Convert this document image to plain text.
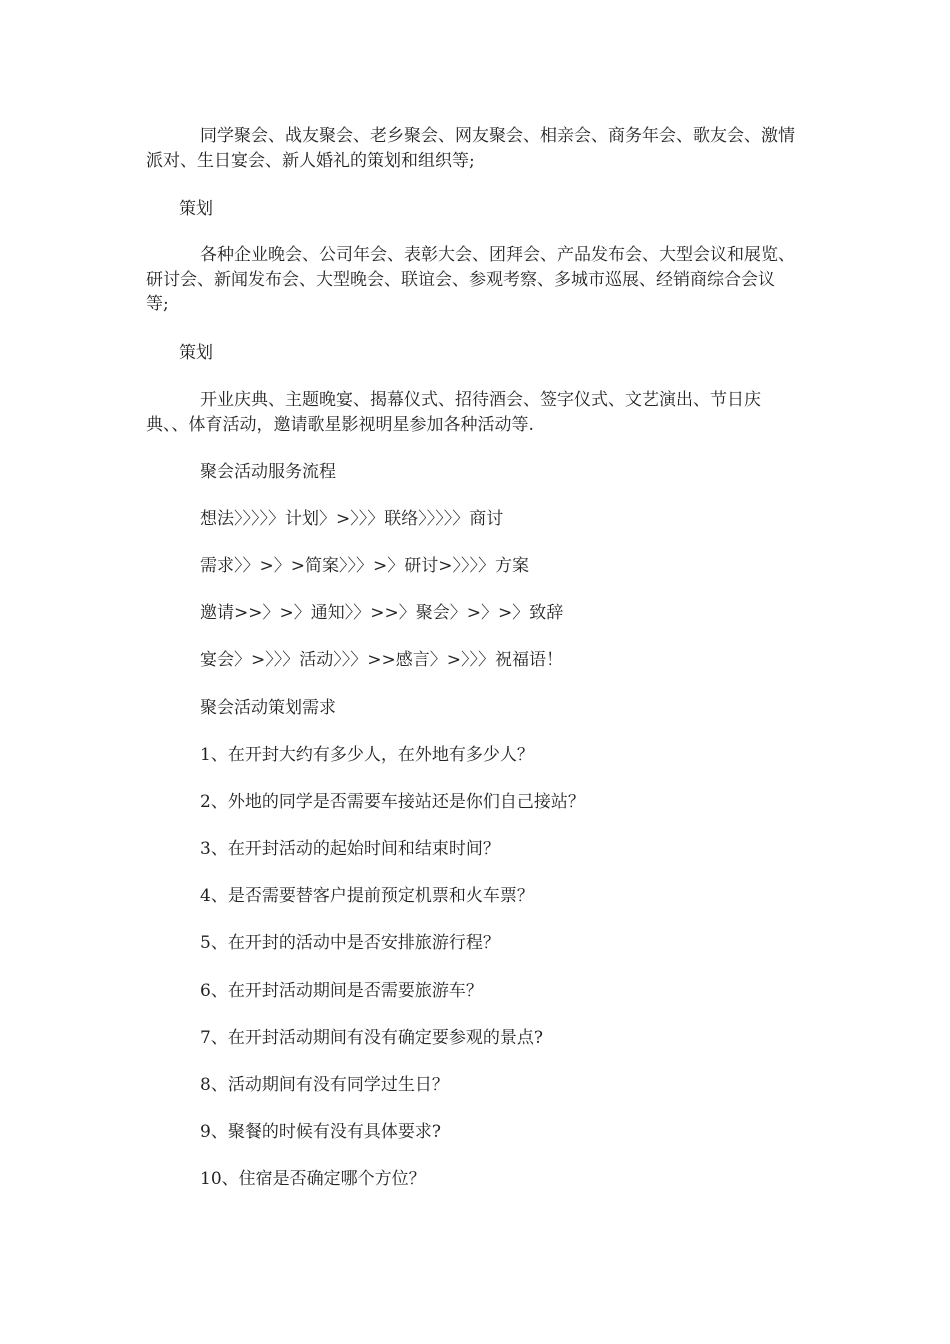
同学聚会、战友聚会、老乡聚会、网友聚会、相亲会、商务年会、歌友会、激情派对、生日宴会、新人婚礼的策划和组织等;

策划

各种企业晚会、公司年会、表彰大会、团拜会、产品发布会、大型会议和展览、研讨会、新闻发布会、大型晚会、联谊会、参观考察、多城市巡展、经销商综合会议等;

策划

开业庆典、主题晚宴、揭幕仪式、招待酒会、签字仪式、文艺演出、节日庆典、、体育活动，邀请歌星影视明星参加各种活动等.

聚会活动服务流程

想法〉〉〉〉〉计划〉>〉〉〉联络〉〉〉〉〉商讨

需求〉〉>〉>简案〉〉〉>〉研讨>〉〉〉〉方案

邀请>>〉>〉通知〉〉>>〉聚会〉>〉>〉致辞

宴会〉>〉〉〉活动〉〉〉>>感言〉>〉〉〉祝福语！

聚会活动策划需求

1、在开封大约有多少人，在外地有多少人？

2、外地的同学是否需要车接站还是你们自己接站？

3、在开封活动的起始时间和结束时间？

4、是否需要替客户提前预定机票和火车票？

5、在开封的活动中是否安排旅游行程？

6、在开封活动期间是否需要旅游车？

7、在开封活动期间有没有确定要参观的景点?

8、活动期间有没有同学过生日？

9、聚餐的时候有没有具体要求?

10、住宿是否确定哪个方位？
